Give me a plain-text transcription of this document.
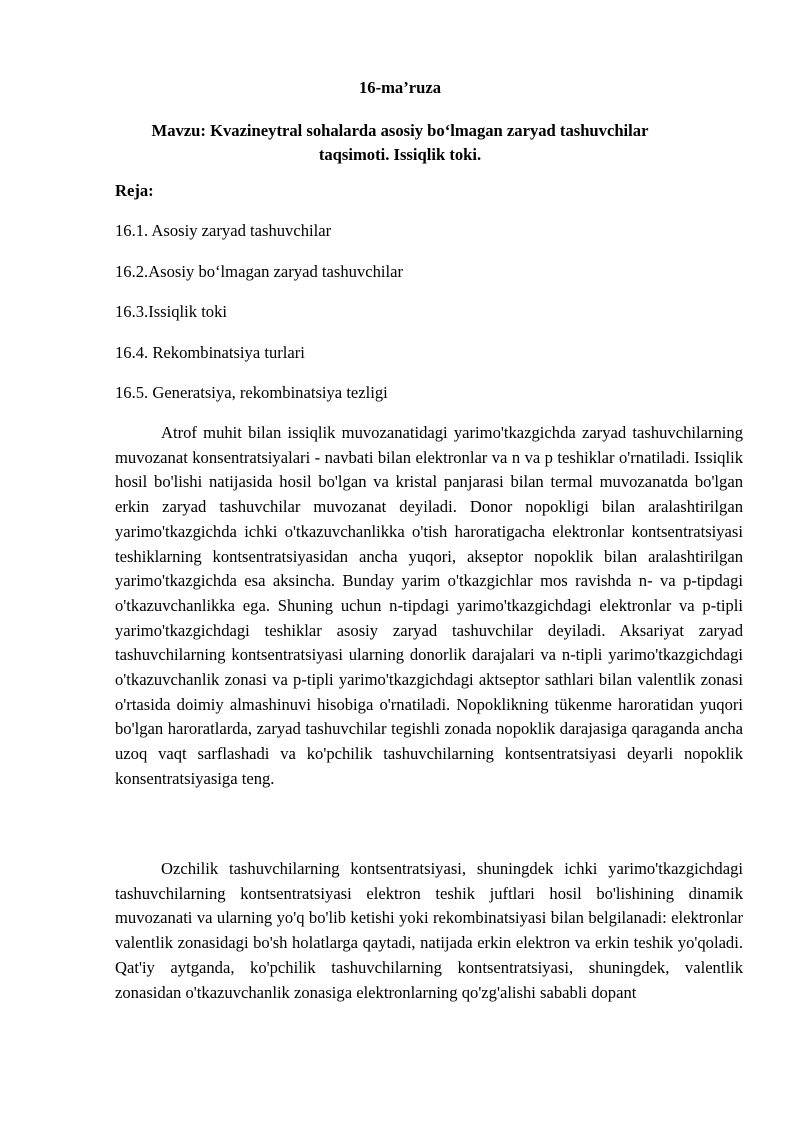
16-ma’ruza
Mavzu: Kvazineytral sohalarda asosiy bo‘lmagan zaryad tashuvchilar taqsimoti. Issiqlik toki.
Reja:
16.1. Asosiy zaryad tashuvchilar
16.2.Asosiy bo‘lmagan zaryad tashuvchilar
16.3.Issiqlik toki
16.4. Rekombinatsiya turlari
16.5. Generatsiya, rekombinatsiya tezligi

Atrof muhit bilan issiqlik muvozanatidagi yarimo'tkazgichda zaryad tashuvchilarning muvozanat konsentratsiyalari - navbati bilan elektronlar va n va p teshiklar o'rnatiladi. Issiqlik hosil bo'lishi natijasida hosil bo'lgan va kristal panjarasi bilan termal muvozanatda bo'lgan erkin zaryad tashuvchilar muvozanat deyiladi. Donor nopokligi bilan aralashtirilgan yarimo'tkazgichda ichki o'tkazuvchanlikka o'tish haroratigacha elektronlar kontsentratsiyasi teshiklarning kontsentratsiyasidan ancha yuqori, akseptor nopoklik bilan aralashtirilgan yarimo'tkazgichda esa aksincha. Bunday yarim o'tkazgichlar mos ravishda n- va p-tipdagi o'tkazuvchanlikka ega. Shuning uchun n-tipdagi yarimo'tkazgichdagi elektronlar va p-tipli yarimo'tkazgichdagi teshiklar asosiy zaryad tashuvchilar deyiladi. Aksariyat zaryad tashuvchilarning kontsentratsiyasi ularning donorlik darajalari va n-tipli yarimo'tkazgichdagi o'tkazuvchanlik zonasi va p-tipli yarimo'tkazgichdagi aktseptor sathlari bilan valentlik zonasi o'rtasida doimiy almashinuvi hisobiga o'rnatiladi. Nopoklikning tükenme haroratidan yuqori bo'lgan haroratlarda, zaryad tashuvchilar tegishli zonada nopoklik darajasiga qaraganda ancha uzoq vaqt sarflashadi va ko'pchilik tashuvchilarning kontsentratsiyasi deyarli nopoklik konsentratsiyasiga teng.

Ozchilik tashuvchilarning kontsentratsiyasi, shuningdek ichki yarimo'tkazgichdagi tashuvchilarning kontsentratsiyasi elektron teshik juftlari hosil bo'lishining dinamik muvozanati va ularning yo'q bo'lib ketishi yoki rekombinatsiyasi bilan belgilanadi: elektronlar valentlik zonasidagi bo'sh holatlarga qaytadi, natijada erkin elektron va erkin teshik yo'qoladi. Qat'iy aytganda, ko'pchilik tashuvchilarning kontsentratsiyasi, shuningdek, valentlik zonasidan o'tkazuvchanlik zonasiga elektronlarning qo'zg'alishi sababli dopant
